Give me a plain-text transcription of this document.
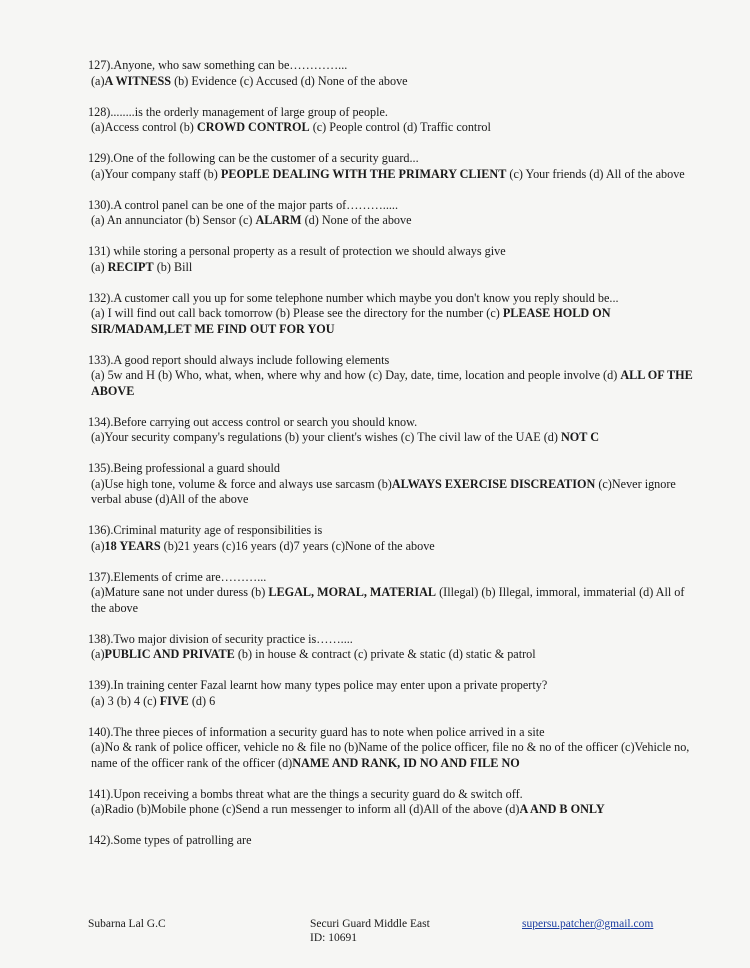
127).Anyone, who saw something can be…………...
(a)A WITNESS (b) Evidence (c) Accused (d) None of the above
128)........is the orderly management of large group of people.
(a)Access control (b) CROWD CONTROL (c) People control (d) Traffic control
129).One of the following can be the customer of a security guard...
(a)Your company staff (b) PEOPLE DEALING WITH THE PRIMARY CLIENT (c) Your friends (d) All of the above
130).A control panel can be one of the major parts of……….....
(a) An annunciator (b) Sensor (c) ALARM (d) None of the above
131) while storing a personal property as a result of protection we should always give
(a) RECIPT (b) Bill
132).A customer call you up for some telephone number which maybe you don't know you reply should be...
(a) I will find out call back tomorrow (b) Please see the directory for the number (c) PLEASE HOLD ON SIR/MADAM,LET ME FIND OUT FOR YOU
133).A good report should always include following elements
(a) 5w and H (b) Who, what, when, where why and how (c) Day, date, time, location and people involve (d) ALL OF THE ABOVE
134).Before carrying out access control or search you should know.
(a)Your security company's regulations (b) your client's wishes (c) The civil law of the UAE (d) NOT C
135).Being professional a guard should
(a)Use high tone, volume & force and always use sarcasm (b)ALWAYS EXERCISE DISCREATION (c)Never ignore verbal abuse (d)All of the above
136).Criminal maturity age of responsibilities is
(a)18 YEARS (b)21 years (c)16 years (d)7 years (c)None of the above
137).Elements of crime are………...
(a)Mature sane not under duress (b) LEGAL, MORAL, MATERIAL (Illegal) (b) Illegal, immoral, immaterial (d) All of the above
138).Two major division of security practice is……....
(a)PUBLIC AND PRIVATE (b) in house & contract (c) private & static (d) static & patrol
139).In training center Fazal learnt how many types police may enter upon a private property?
(a) 3 (b) 4 (c) FIVE (d) 6
140).The three pieces of information a security guard has to note when police arrived in a site
(a)No & rank of police officer, vehicle no & file no (b)Name of the police officer, file no & no of the officer (c)Vehicle no, name of the officer rank of the officer (d)NAME AND RANK, ID NO AND FILE NO
141).Upon receiving a bombs threat what are the things a security guard do & switch off.
(a)Radio (b)Mobile phone (c)Send a run messenger to inform all (d)All of the above (d)A AND B ONLY
142).Some types of patrolling are
Subarna Lal G.C	Securi Guard Middle East
ID: 10691
supersu.patcher@gmail.com
